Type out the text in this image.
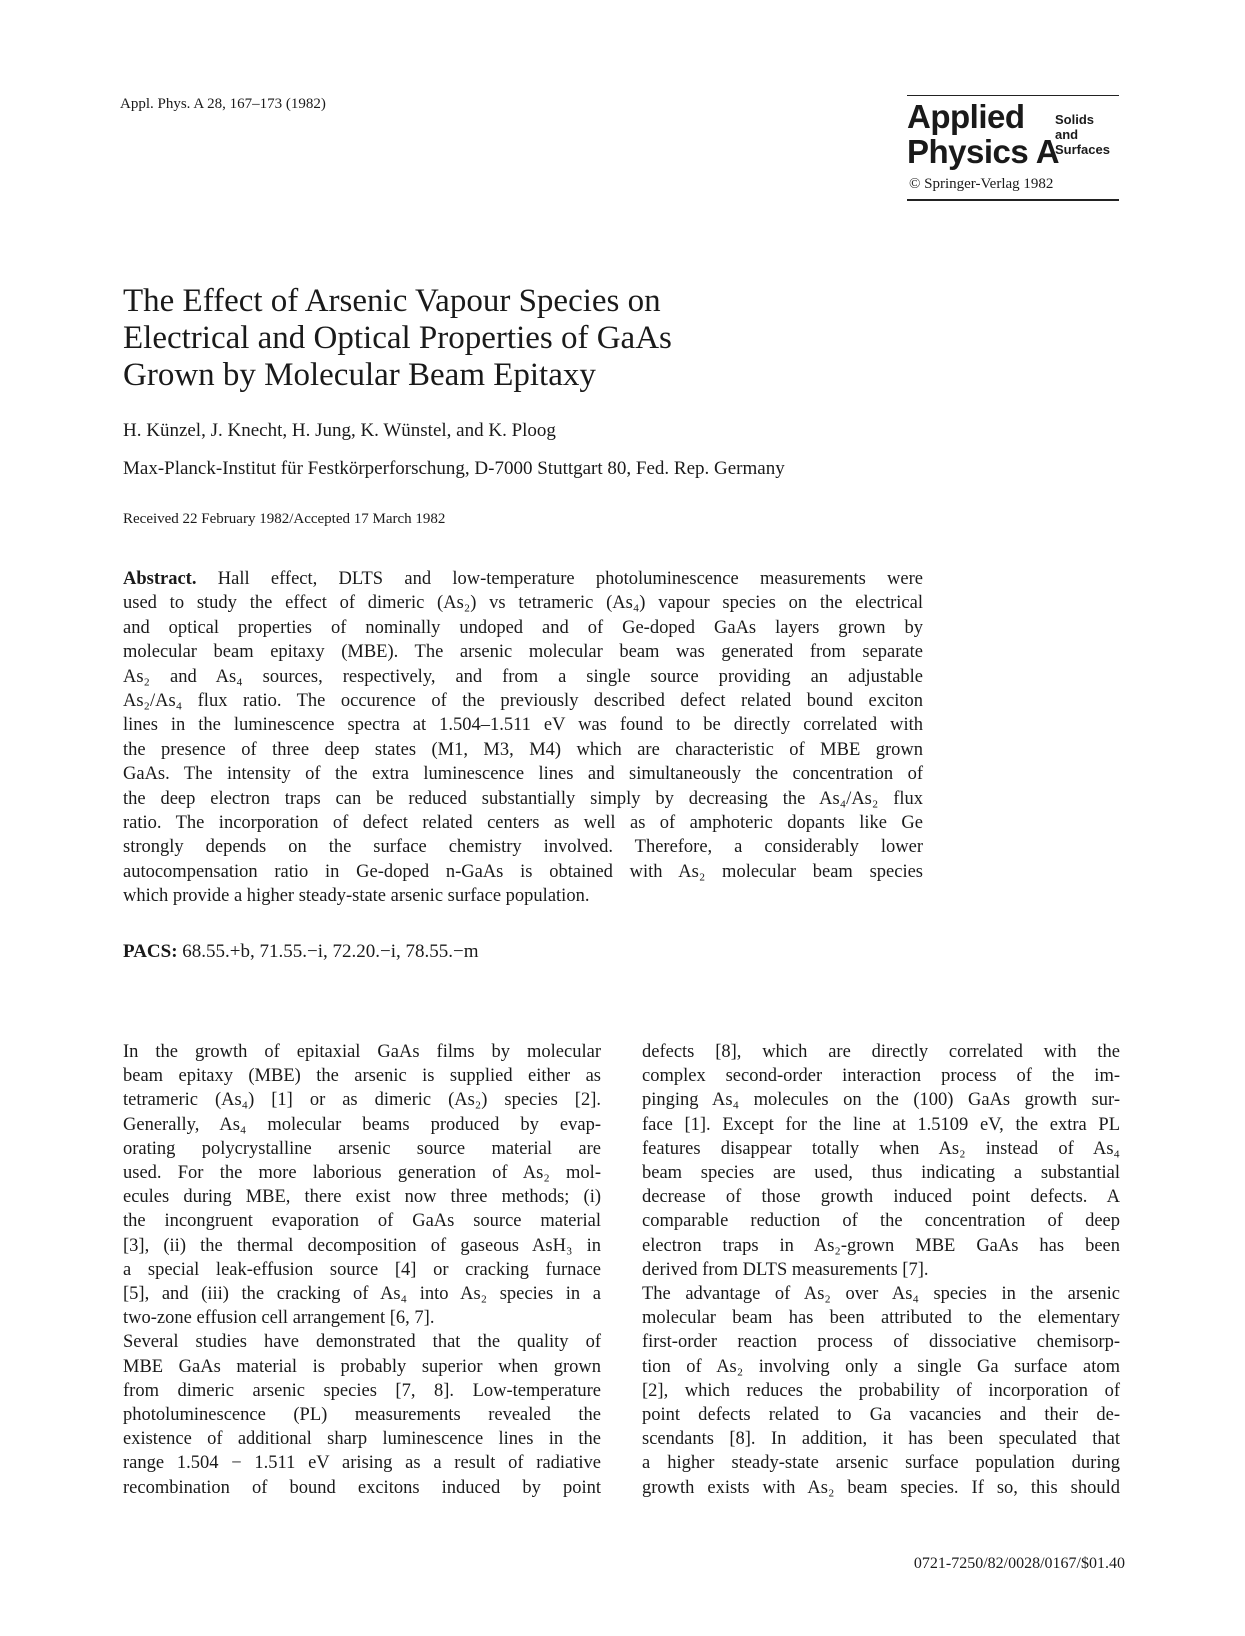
Appl. Phys. A 28, 167–173 (1982)	Applied Solids
and
Surfaces
Physics A
© Springer-Verlag 1982
The Effect of Arsenic Vapour Species on
Electrical and Optical Properties of GaAs
Grown by Molecular Beam Epitaxy
H. Künzel, J. Knecht, H. Jung, K. Wünstel, and K. Ploog
Max-Planck-Institut für Festkörperforschung, D-7000 Stuttgart 80, Fed. Rep. Germany
Received 22 February 1982/Accepted 17 March 1982
Abstract. Hall effect, DLTS and low-temperature photoluminescence measurements were
used to study the effect of dimeric (As₂) vs tetrameric (As₄) vapour species on the electrical
and optical properties of nominally undoped and of Ge-doped GaAs layers grown by
molecular beam epitaxy (MBE). The arsenic molecular beam was generated from separate
As₂ and As₄ sources, respectively, and from a single source providing an adjustable
As₂/As₄ flux ratio. The occurence of the previously described defect related bound exciton
lines in the luminescence spectra at 1.504–1.511 eV was found to be directly correlated with
the presence of three deep states (M1, M3, M4) which are characteristic of MBE grown
GaAs. The intensity of the extra luminescence lines and simultaneously the concentration of
the deep electron traps can be reduced substantially simply by decreasing the As₄/As₂ flux
ratio. The incorporation of defect related centers as well as of amphoteric dopants like Ge
strongly depends on the surface chemistry involved. Therefore, a considerably lower
autocompensation ratio in Ge-doped n-GaAs is obtained with As₂ molecular beam species
which provide a higher steady-state arsenic surface population.
PACS: 68.55.+b, 71.55.−i, 72.20.−i, 78.55.−m
In the growth of epitaxial GaAs films by molecular
beam epitaxy (MBE) the arsenic is supplied either as
tetrameric (As₄) [1] or as dimeric (As₂) species [2].
Generally, As₄ molecular beams produced by evap-
orating polycrystalline arsenic source material are
used. For the more laborious generation of As₂ mol-
ecules during MBE, there exist now three methods; (i)
the incongruent evaporation of GaAs source material
[3], (ii) the thermal decomposition of gaseous AsH₃ in
a special leak-effusion source [4] or cracking furnace
[5], and (iii) the cracking of As₄ into As₂ species in a
two-zone effusion cell arrangement [6, 7].
Several studies have demonstrated that the quality of
MBE GaAs material is probably superior when grown
from dimeric arsenic species [7, 8]. Low-temperature
photoluminescence (PL) measurements revealed the
existence of additional sharp luminescence lines in the
range 1.504 − 1.511 eV arising as a result of radiative
recombination of bound excitons induced by point
defects [8], which are directly correlated with the
complex second-order interaction process of the im-
pinging As₄ molecules on the (100) GaAs growth sur-
face [1]. Except for the line at 1.5109 eV, the extra PL
features disappear totally when As₂ instead of As₄
beam species are used, thus indicating a substantial
decrease of those growth induced point defects. A
comparable reduction of the concentration of deep
electron traps in As₂-grown MBE GaAs has been
derived from DLTS measurements [7].
The advantage of As₂ over As₄ species in the arsenic
molecular beam has been attributed to the elementary
first-order reaction process of dissociative chemisorp-
tion of As₂ involving only a single Ga surface atom
[2], which reduces the probability of incorporation of
point defects related to Ga vacancies and their de-
scendants [8]. In addition, it has been speculated that
a higher steady-state arsenic surface population during
growth exists with As₂ beam species. If so, this should
0721-7250/82/0028/0167/$01.40
